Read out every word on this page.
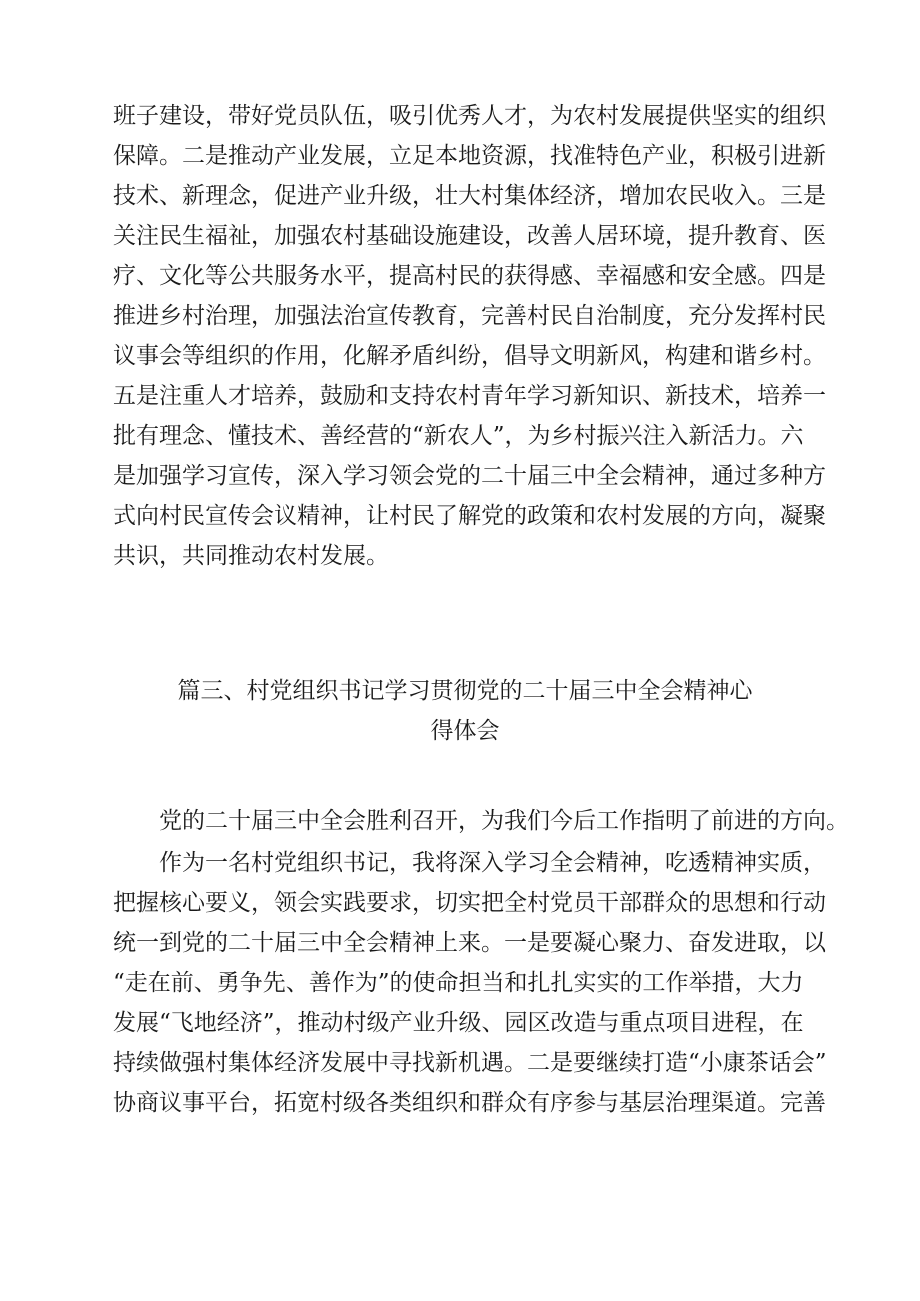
班子建设，带好党员队伍，吸引优秀人才，为农村发展提供坚实的组织
保障。二是推动产业发展，立足本地资源，找准特色产业，积极引进新
技术、新理念，促进产业升级，壮大村集体经济，增加农民收入。三是
关注民生福祉，加强农村基础设施建设，改善人居环境，提升教育、医
疗、文化等公共服务水平，提高村民的获得感、幸福感和安全感。四是
推进乡村治理，加强法治宣传教育，完善村民自治制度，充分发挥村民
议事会等组织的作用，化解矛盾纠纷，倡导文明新风，构建和谐乡村。
五是注重人才培养，鼓励和支持农村青年学习新知识、新技术，培养一
批有理念、懂技术、善经营的“新农人”，为乡村振兴注入新活力。六
是加强学习宣传，深入学习领会党的二十届三中全会精神，通过多种方
式向村民宣传会议精神，让村民了解党的政策和农村发展的方向，凝聚
共识，共同推动农村发展。
篇三、村党组织书记学习贯彻党的二十届三中全会精神心
得体会
　　党的二十届三中全会胜利召开，为我们今后工作指明了前进的方向。
　　作为一名村党组织书记，我将深入学习全会精神，吃透精神实质，
把握核心要义，领会实践要求，切实把全村党员干部群众的思想和行动
统一到党的二十届三中全会精神上来。一是要凝心聚力、奋发进取，以
“走在前、勇争先、善作为”的使命担当和扎扎实实的工作举措，大力
发展“飞地经济”，推动村级产业升级、园区改造与重点项目进程，在
持续做强村集体经济发展中寻找新机遇。二是要继续打造“小康茶话会”
协商议事平台，拓宽村级各类组织和群众有序参与基层治理渠道。完善
